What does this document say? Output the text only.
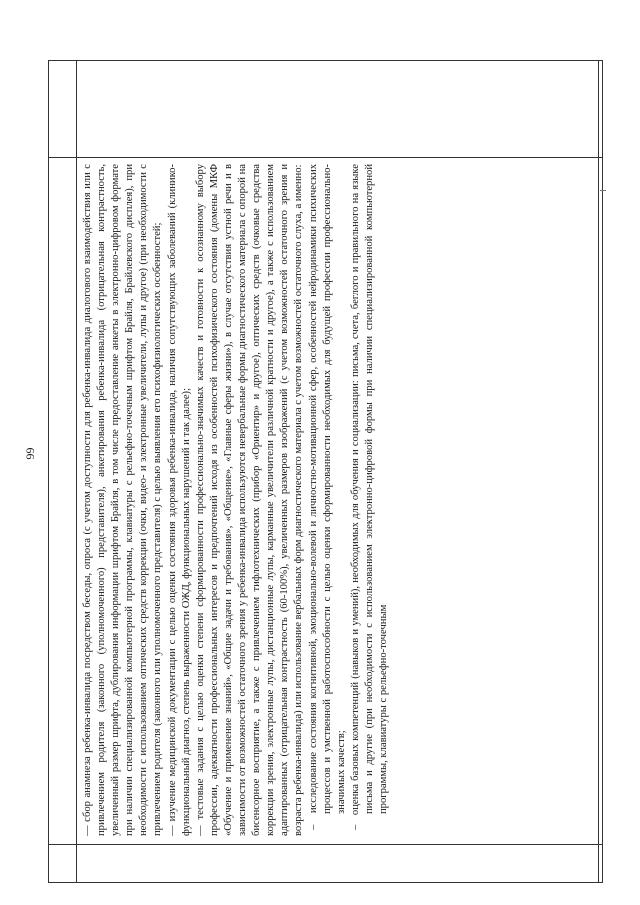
66	— сбор анамнеза ребенка-инвалида посредством беседы, опроса (с учетом доступности для ребенка-инвалида диалогового взаимодействия или с привлечением родителя (законного (уполномоченного) представителя), анкетирования ребенка-инвалида (отрицательная контрастность, увеличенный размер шрифта, дублирования информации шрифтом Брайля, в том числе предоставление анкеты в электронно-цифровом формате при наличии специализированной компьютерной программы, клавиатуры с рельефно-точечным шрифтом Брайля, Брайлевского дисплея), при необходимости с использованием оптических средств коррекции (очки, видео- и электронные увеличители, лупы и другое) (при необходимости с привлечением родителя (законного или уполномоченного представителя) с целью выявления его психофизиологических особенностей; — изучение медицинской документации с целью оценки состояния здоровья ребенка-инвалида, наличия сопутствующих заболеваний (клинико-функциональный диагноз, степень выраженности ОЖД, функциональных нарушений и так далее); — тестовые задания с целью оценки степени сформированности профессионально-значимых качеств и готовности к осознанному выбору профессии, адекватности профессиональных интересов и предпочтений исходя из особенностей психофизического состояния (домены МКФ «Обучение и применение знаний», «Общие задачи и требования», «Общение», «Главные сферы жизни»), в случае отсутствия устной речи и в зависимости от возможностей остаточного зрения у ребенка-инвалида используются невербальные формы диагностического материала с опорой на бисенсорное восприятие, а также с привлечением тифлотехнических (прибор «Ориентир» и другое), оптических средств (очковые средства коррекции зрения, электронные лупы, дистанционные лупы, карманные увеличители различной кратности и другое), а также с использованием адаптированных (отрицательная контрастность (60-100%), увеличенных размеров изображений (с учетом возможностей остаточного зрения и возраста ребенка-инвалида) или использование вербальных форм диагностического материала с учетом возможностей остаточного слуха, а именно: –   исследование состояния когнитивной, эмоционально-волевой и личностно-мотивационной сфер, особенностей нейродинамики психических процессов и умственной работоспособности с целью оценки сформированности необходимых для будущей профессии профессионально-значимых качеств;

–   оценка базовых компетенций (навыков и умений), необходимых для обучения и социализации: письма, счета, беглого и правильного на языке письма и другие (при необходимости с использованием электронно-цифровой формы при наличии специализированной компьютерной программы, клавиатуры с рельефно-точечным
